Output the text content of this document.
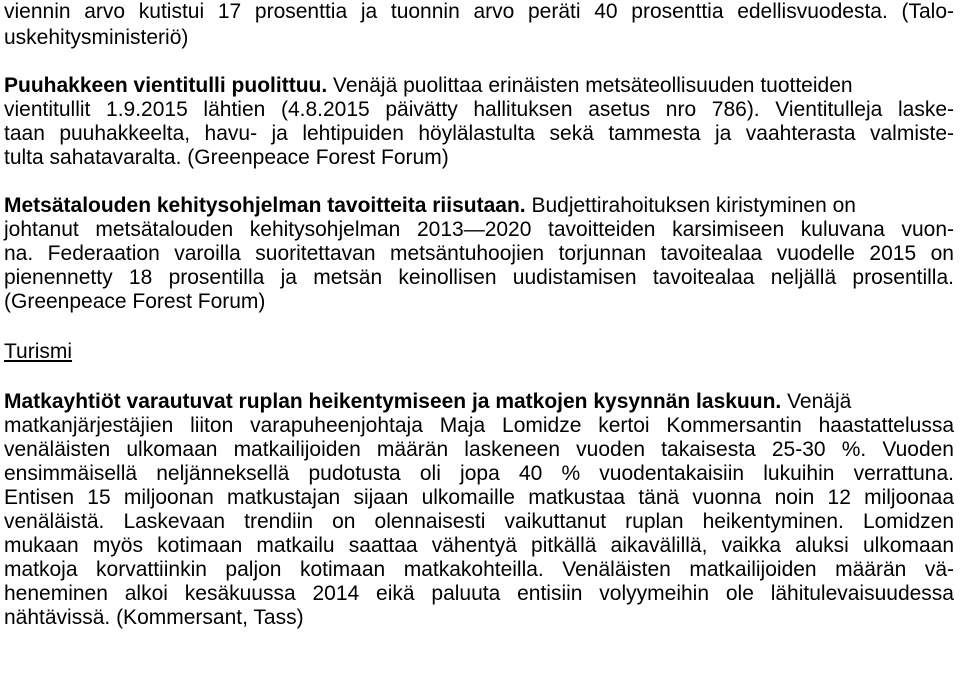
viennin arvo kutistui 17 prosenttia ja tuonnin arvo peräti 40 prosenttia edellisvuodesta. (Talo-
uskehitysministeriö)
Puuhakkeen vientitulli puolittuu. Venäjä puolittaa erinäisten metsäteollisuuden tuotteiden
vientitullit 1.9.2015 lähtien (4.8.2015 päivätty hallituksen asetus nro 786). Vientitulleja laske-
taan puuhakkeelta, havu- ja lehtipuiden höylälastulta sekä tammesta ja vaahterasta valmiste-
tulta sahatavaralta. (Greenpeace Forest Forum)
Metsätalouden kehitysohjelman tavoitteita riisutaan. Budjettirahoituksen kiristyminen on
johtanut metsätalouden kehitysohjelman 2013—2020 tavoitteiden karsimiseen kuluvana vuon-
na. Federaation varoilla suoritettavan metsäntuhoojien torjunnan tavoitealaa vuodelle 2015 on
pienennetty 18 prosentilla ja metsän keinollisen uudistamisen tavoitealaa neljällä prosentilla.
(Greenpeace Forest Forum)
Turismi
Matkayhtiöt varautuvat ruplan heikentymiseen ja matkojen kysynnän laskuun. Venäjä
matkanjärjestäjien liiton varapuheenjohtaja Maja Lomidze kertoi Kommersantin haastattelussa
venäläisten ulkomaan matkailijoiden määrän laskeneen vuoden takaisesta 25-30 %. Vuoden
ensimmäisellä neljänneksellä pudotusta oli jopa 40 % vuodentakaisiin lukuihin verrattuna.
Entisen 15 miljoonan matkustajan sijaan ulkomaille matkustaa tänä vuonna noin 12 miljoonaa
venäläistä. Laskevaan trendiin on olennaisesti vaikuttanut ruplan heikentyminen. Lomidzen
mukaan myös kotimaan matkailu saattaa vähentyä pitkällä aikavälillä, vaikka aluksi ulkomaan
matkoja korvattiinkin paljon kotimaan matkakohteilla. Venäläisten matkailijoiden määrän vä-
heneminen alkoi kesäkuussa 2014 eikä paluuta entisiin volyymeihin ole lähitulevaisuudessa
nähtävissä. (Kommersant, Tass)
